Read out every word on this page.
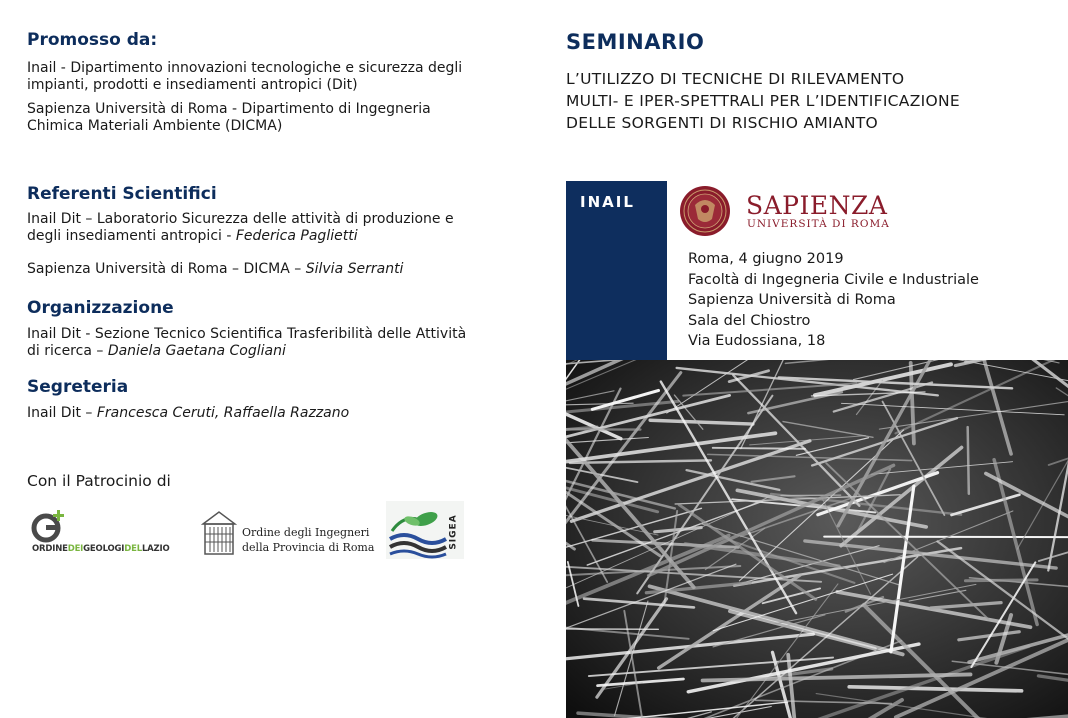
Promosso da:

Inail - Dipartimento innovazioni tecnologiche e sicurezza degli

impianti, prodotti e insediamenti antropici (Dit)

Sapienza Università di Roma - Dipartimento di Ingegneria

Chimica Materiali Ambiente (DICMA)

Referenti Scientifici

Inail Dit – Laboratorio Sicurezza delle attività di produzione e

degli insediamenti antropici - Federica Paglietti

Sapienza Università di Roma – DICMA – Silvia Serranti

Organizzazione

Inail Dit - Sezione Tecnico Scientifica Trasferibilità delle Attività

di ricerca – Daniela Gaetana Cogliani

Segreteria

Inail Dit – Francesca Ceruti, Raffaella Razzano

Con il Patrocinio di
ORDINEDEIGEOLOGIDELLAZIO
Ordine degli Ingegneri
della Provincia di Roma	SIGEA
SEMINARIO
L’UTILIZZO DI TECNICHE DI RILEVAMENTO
MULTI- E IPER-SPETTRALI PER L’IDENTIFICAZIONE
DELLE SORGENTI DI RISCHIO AMIANTO
INAIL	SAPIENZA
UNIVERSITÀ DI ROMA
Roma, 4 giugno 2019
Facoltà di Ingegneria Civile e Industriale
Sapienza Università di Roma
Sala del Chiostro
Via Eudossiana, 18
